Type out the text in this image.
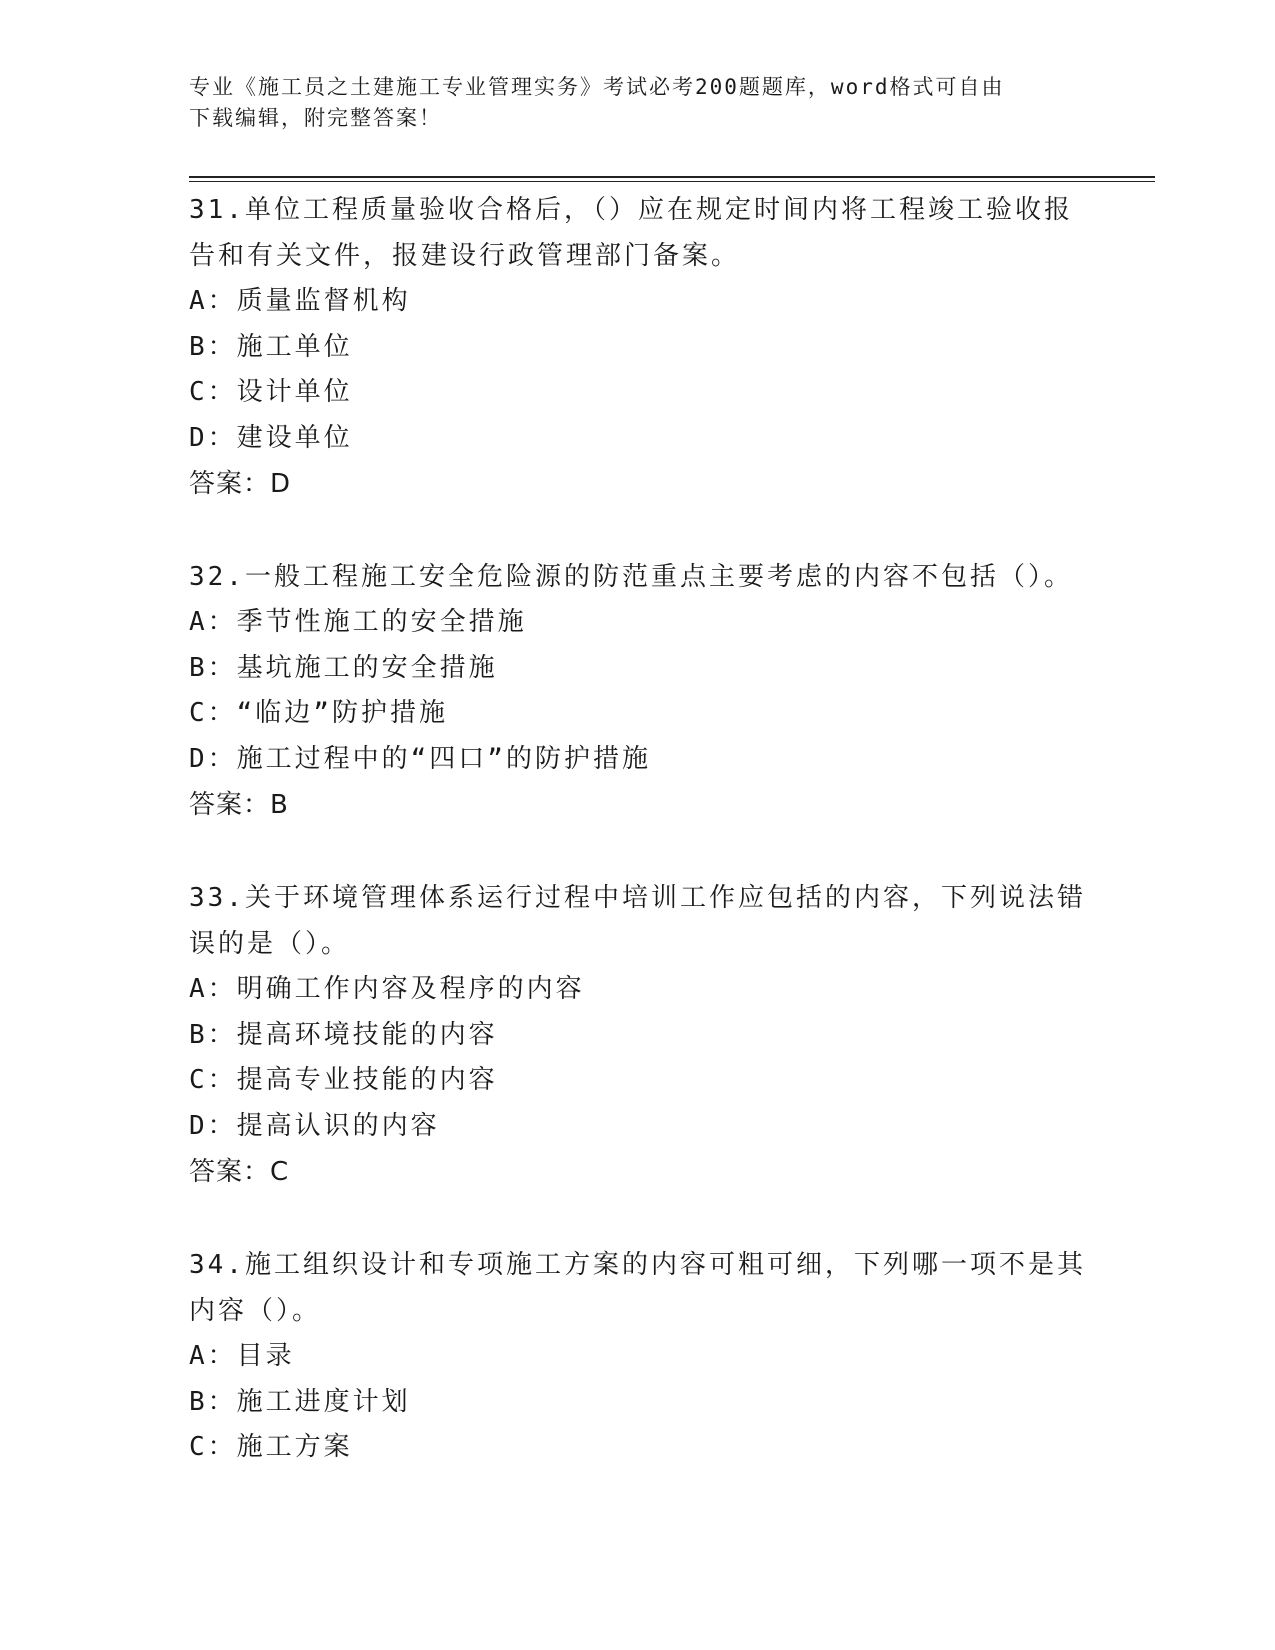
专业《施工员之土建施工专业管理实务》考试必考200题题库，word格式可自由
下载编辑，附完整答案！
31.单位工程质量验收合格后，（）应在规定时间内将工程竣工验收报
告和有关文件，报建设行政管理部门备案。
A：质量监督机构
B：施工单位
C：设计单位
D：建设单位
答案：D
32.一般工程施工安全危险源的防范重点主要考虑的内容不包括（）。
A：季节性施工的安全措施
B：基坑施工的安全措施
C：“临边”防护措施
D：施工过程中的“四口”的防护措施
答案：B
33.关于环境管理体系运行过程中培训工作应包括的内容，下列说法错
误的是（）。
A：明确工作内容及程序的内容
B：提高环境技能的内容
C：提高专业技能的内容
D：提高认识的内容
答案：C
34.施工组织设计和专项施工方案的内容可粗可细，下列哪一项不是其
内容（）。
A：目录
B：施工进度计划
C：施工方案
